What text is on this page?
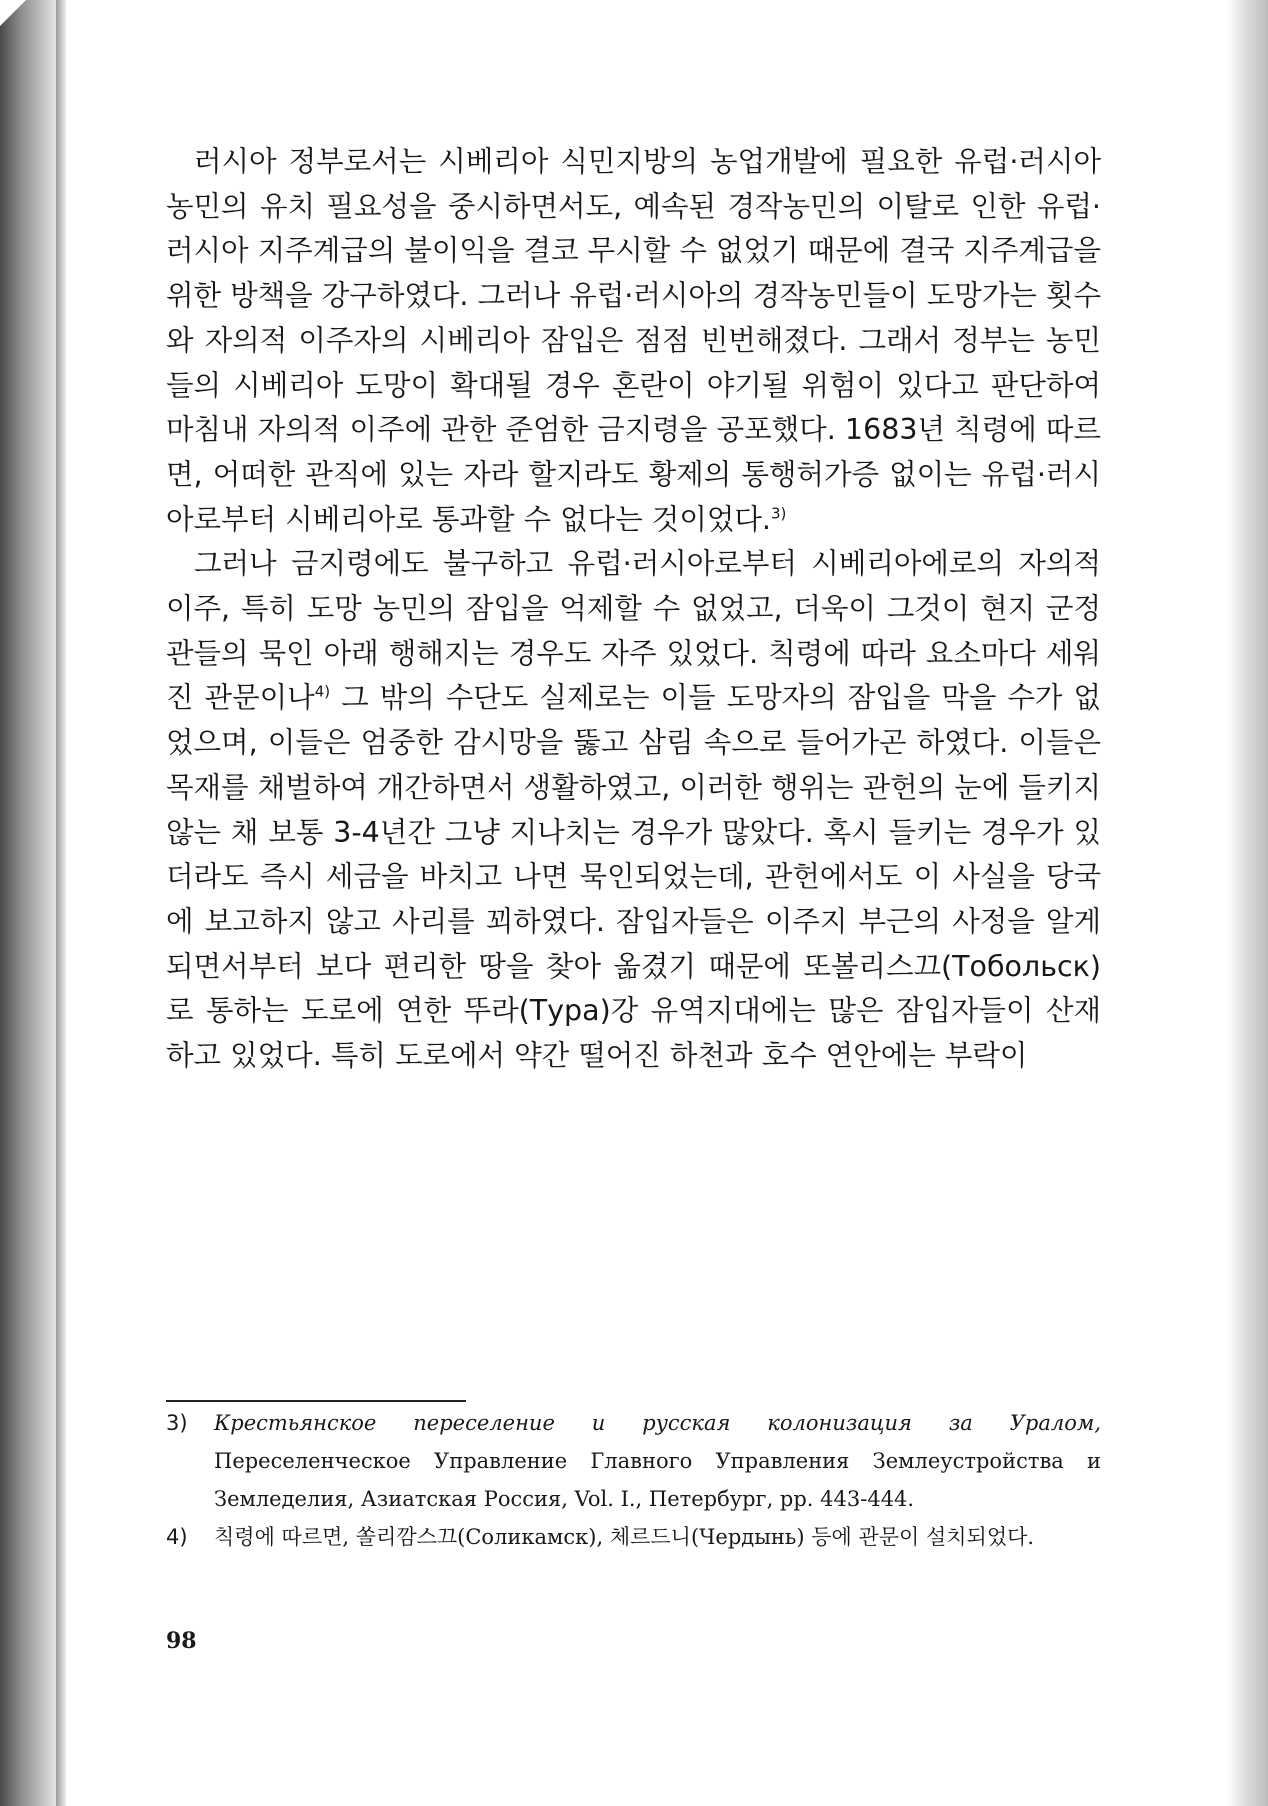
러시아 정부로서는 시베리아 식민지방의 농업개발에 필요한 유럽·러시아 농민의 유치 필요성을 중시하면서도, 예속된 경작농민의 이탈로 인한 유럽·러시아 지주계급의 불이익을 결코 무시할 수 없었기 때문에 결국 지주계급을 위한 방책을 강구하였다. 그러나 유럽·러시아의 경작농민들이 도망가는 횟수와 자의적 이주자의 시베리아 잠입은 점점 빈번해졌다. 그래서 정부는 농민들의 시베리아 도망이 확대될 경우 혼란이 야기될 위험이 있다고 판단하여 마침내 자의적 이주에 관한 준엄한 금지령을 공포했다. 1683년 칙령에 따르면, 어떠한 관직에 있는 자라 할지라도 황제의 통행허가증 없이는 유럽·러시아로부터 시베리아로 통과할 수 없다는 것이었다.$^{3)}$

그러나 금지령에도 불구하고 유럽·러시아로부터 시베리아에로의 자의적 이주, 특히 도망 농민의 잠입을 억제할 수 없었고, 더욱이 그것이 현지 군정관들의 묵인 아래 행해지는 경우도 자주 있었다. 칙령에 따라 요소마다 세워진 관문이나$^{4)}$ 그 밖의 수단도 실제로는 이들 도망자의 잠입을 막을 수가 없었으며, 이들은 엄중한 감시망을 뚫고 삼림 속으로 들어가곤 하였다. 이들은 목재를 채벌하여 개간하면서 생활하였고, 이러한 행위는 관헌의 눈에 들키지 않는 채 보통 3-4년간 그냥 지나치는 경우가 많았다. 혹시 들키는 경우가 있더라도 즉시 세금을 바치고 나면 묵인되었는데, 관헌에서도 이 사실을 당국에 보고하지 않고 사리를 꾀하였다. 잠입자들은 이주지 부근의 사정을 알게 되면서부터 보다 편리한 땅을 찾아 옮겼기 때문에 또볼리스끄(Тобольск)로 통하는 도로에 연한 뚜라(Тура)강 유역지대에는 많은 잠입자들이 산재하고 있었다. 특히 도로에서 약간 떨어진 하천과 호수 연안에는 부락이

3) Крестьянское переселение и русская колонизация за Уралом, Переселенческое Управление Главного Управления Землеустройства и Земледелия, Азиатская Россия, Vol. I., Петербург, pp. 443-444.
4) 칙령에 따르면, 쏠리깜스끄(Соликамск), 체르드니(Чердынь) 등에 관문이 설치되었다.
98
